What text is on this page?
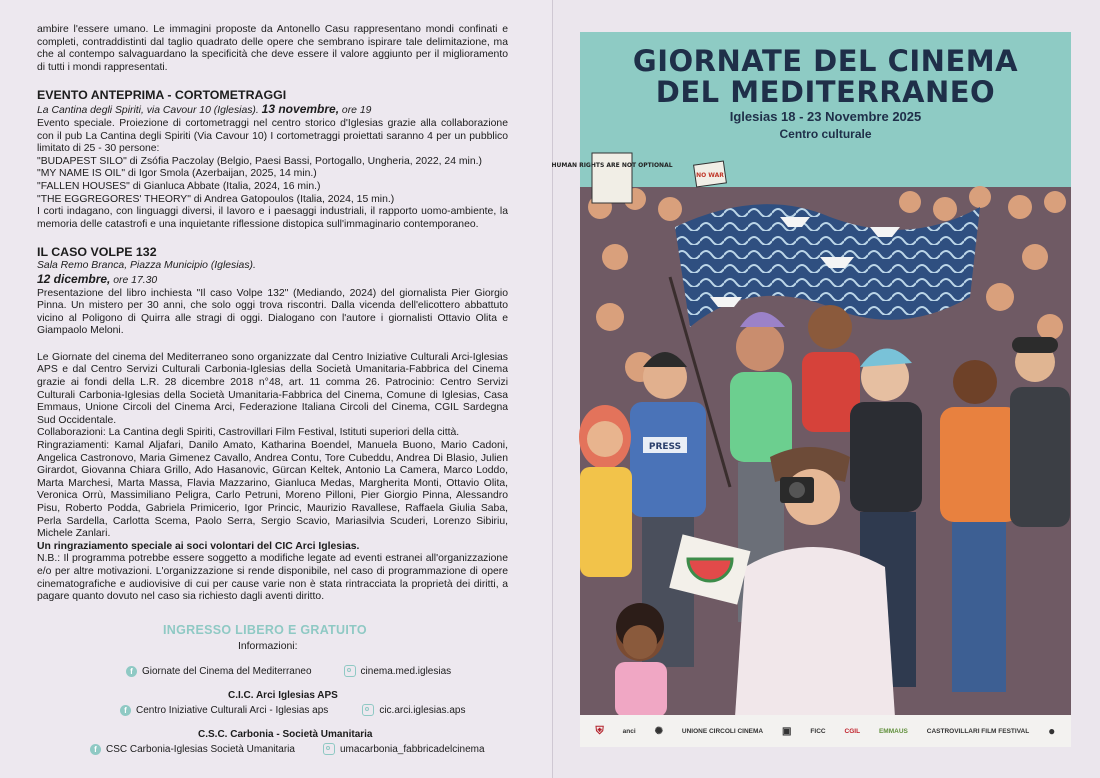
ambire l'essere umano. Le immagini proposte da Antonello Casu rappresentano mondi confinati e completi, contraddistinti dal taglio quadrato delle opere che sembrano ispirare tale delimitazione, ma che al contempo salvaguardano la specificità che deve essere il valore aggiunto per il miglioramento di tutti i mondi rappresentati.

EVENTO ANTEPRIMA - CORTOMETRAGGI

La Cantina degli Spiriti, via Cavour 10 (Iglesias). 13 novembre, ore 19

Evento speciale. Proiezione di cortometraggi nel centro storico d'Iglesias grazie alla collaborazione con il pub La Cantina degli Spiriti (Via Cavour 10) I cortometraggi proiettati saranno 4 per un pubblico limitato di 25 - 30 persone:

"BUDAPEST SILO" di Zsófia Paczolay (Belgio, Paesi Bassi, Portogallo, Ungheria, 2022, 24 min.)

"MY NAME IS OIL" di Igor Smola (Azerbaijan, 2025, 14 min.)

"FALLEN HOUSES" di Gianluca Abbate (Italia, 2024, 16 min.)

"THE EGGREGORES' THEORY" di Andrea Gatopoulos (Italia, 2024, 15 min.)

I corti indagano, con linguaggi diversi, il lavoro e i paesaggi industriali, il rapporto uomo-ambiente, la memoria delle catastrofi e una inquietante riflessione distopica sull'immaginario contemporaneo.

IL CASO VOLPE 132

Sala Remo Branca, Piazza Municipio (Iglesias).

12 dicembre, ore 17.30

Presentazione del libro inchiesta "Il caso Volpe 132" (Mediando, 2024) del giornalista Pier Giorgio Pinna. Un mistero per 30 anni, che solo oggi trova riscontri. Dalla vicenda dell'elicottero abbattuto vicino al Poligono di Quirra alle stragi di oggi. Dialogano con l'autore i giornalisti Ottavio Olita e Giampaolo Meloni.

Le Giornate del cinema del Mediterraneo sono organizzate dal Centro Iniziative Culturali Arci-Iglesias APS e dal Centro Servizi Culturali Carbonia-Iglesias della Società Umanitaria-Fabbrica del Cinema grazie ai fondi della L.R. 28 dicembre 2018 n°48, art. 11 comma 26. Patrocinio: Centro Servizi Culturali Carbonia-Iglesias della Società Umanitaria-Fabbrica del Cinema, Comune di Iglesias, Casa Emmaus, Unione Circoli del Cinema Arci, Federazione Italiana Circoli del Cinema, CGIL Sardegna Sud Occidentale.

Collaborazioni: La Cantina degli Spiriti, Castrovillari Film Festival, Istituti superiori della città.

Ringraziamenti: Kamal Aljafari, Danilo Amato, Katharina Boendel, Manuela Buono, Mario Cadoni, Angelica Castronovo, Maria Gimenez Cavallo, Andrea Contu, Tore Cubeddu, Andrea Di Blasio, Julien Girardot, Giovanna Chiara Grillo, Ado Hasanovic, Gürcan Keltek, Antonio La Camera, Marco Loddo, Marta Marchesi, Marta Massa, Flavia Mazzarino, Gianluca Medas, Margherita Monti, Ottavio Olita, Veronica Orrù, Massimiliano Peligra, Carlo Petruni, Moreno Pilloni, Pier Giorgio Pinna, Alessandro Pisu, Roberto Podda, Gabriela Primicerio, Igor Princic, Maurizio Ravallese, Raffaela Giulia Saba, Perla Sardella, Carlotta Scema, Paolo Serra, Sergio Scavio, Mariasilvia Scuderi, Lorenzo Sibiriu, Michele Zanlari.

Un ringraziamento speciale ai soci volontari del CIC Arci Iglesias.

N.B.: Il programma potrebbe essere soggetto a modifiche legate ad eventi estranei all'organizzazione e/o per altre motivazioni. L'organizzazione si rende disponibile, nel caso di programmazione di opere cinematografiche e audiovisive di cui per cause varie non è stata rintracciata la proprietà dei diritti, a pagare quanto dovuto nel caso sia richiesto dagli aventi diritto.

INGRESSO LIBERO E GRATUITO
Informazioni:
f Giornate del Cinema del Mediterraneo	cinema.med.iglesias
C.I.C. Arci Iglesias APS
f Centro Iniziative Culturali Arci - Iglesias aps	cic.arci.iglesias.aps
C.S.C. Carbonia - Società Umanitaria
f CSC Carbonia-Iglesias Società Umanitaria	umacarbonia_fabbricadelcinema
GIORNATE DEL CINEMA
DEL MEDITERRANEO
Iglesias 18 - 23 Novembre 2025
Centro culturale
HUMAN RIGHTS ARE NOT OPTIONAL
NO WAR
PRESS
⛨	anci ✺	UNIONE CIRCOLI CINEMA ▣	FICC	CGIL	EMMAUS	CASTROVILLARI FILM FESTIVAL ●
